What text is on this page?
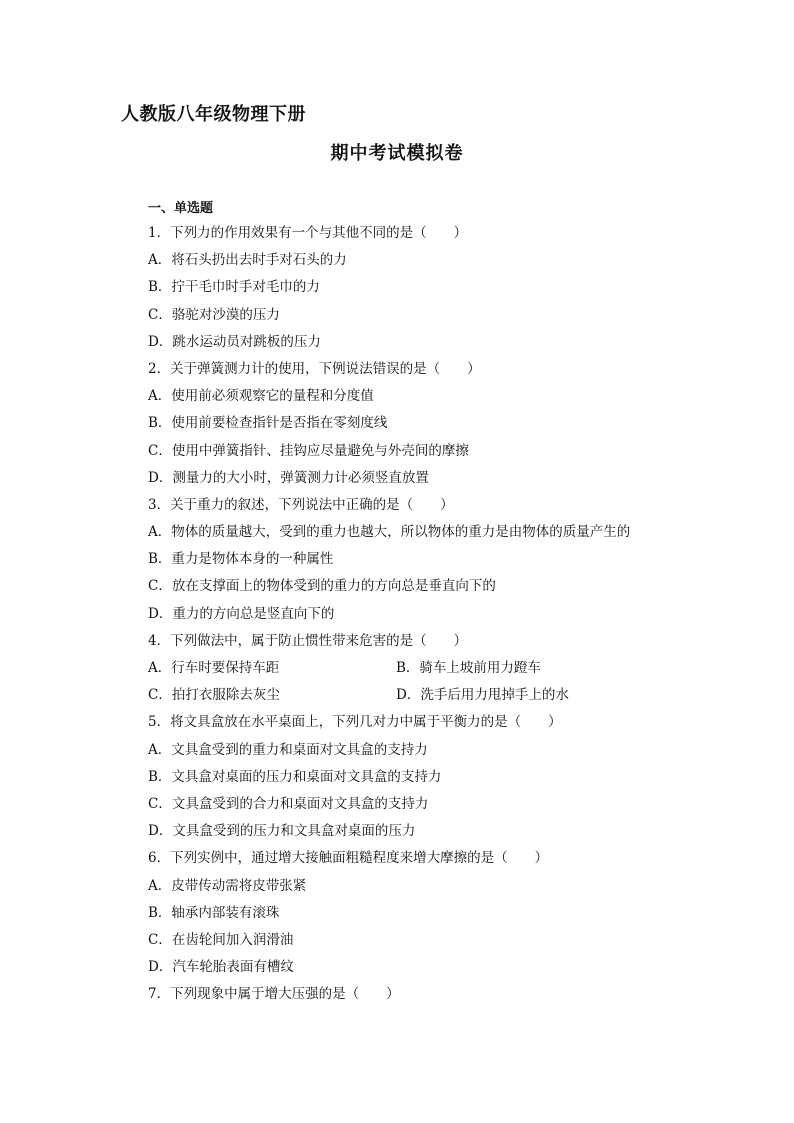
人教版八年级物理下册
期中考试模拟卷
一、单选题
1．下列力的作用效果有一个与其他不同的是（　　）
A．将石头扔出去时手对石头的力
B．拧干毛巾时手对毛巾的力
C．骆驼对沙漠的压力
D．跳水运动员对跳板的压力
2．关于弹簧测力计的使用，下例说法错误的是（　　）
A．使用前必须观察它的量程和分度值
B．使用前要检查指针是否指在零刻度线
C．使用中弹簧指针、挂钩应尽量避免与外壳间的摩擦
D．测量力的大小时，弹簧测力计必须竖直放置
3．关于重力的叙述，下列说法中正确的是（　　）
A．物体的质量越大，受到的重力也越大，所以物体的重力是由物体的质量产生的
B．重力是物体本身的一种属性
C．放在支撑面上的物体受到的重力的方向总是垂直向下的
D．重力的方向总是竖直向下的
4．下列做法中，属于防止惯性带来危害的是（　　）
A．行车时要保持车距	B．骑车上坡前用力蹬车
C．拍打衣服除去灰尘	D．洗手后用力甩掉手上的水
5．将文具盒放在水平桌面上，下列几对力中属于平衡力的是（　　）
A．文具盒受到的重力和桌面对文具盒的支持力
B．文具盒对桌面的压力和桌面对文具盒的支持力
C．文具盒受到的合力和桌面对文具盒的支持力
D．文具盒受到的压力和文具盒对桌面的压力
6．下列实例中，通过增大接触面粗糙程度来增大摩擦的是（　　）
A．皮带传动需将皮带张紧
B．轴承内部装有滚珠
C．在齿轮间加入润滑油
D．汽车轮胎表面有槽纹
7．下列现象中属于增大压强的是（　　）
